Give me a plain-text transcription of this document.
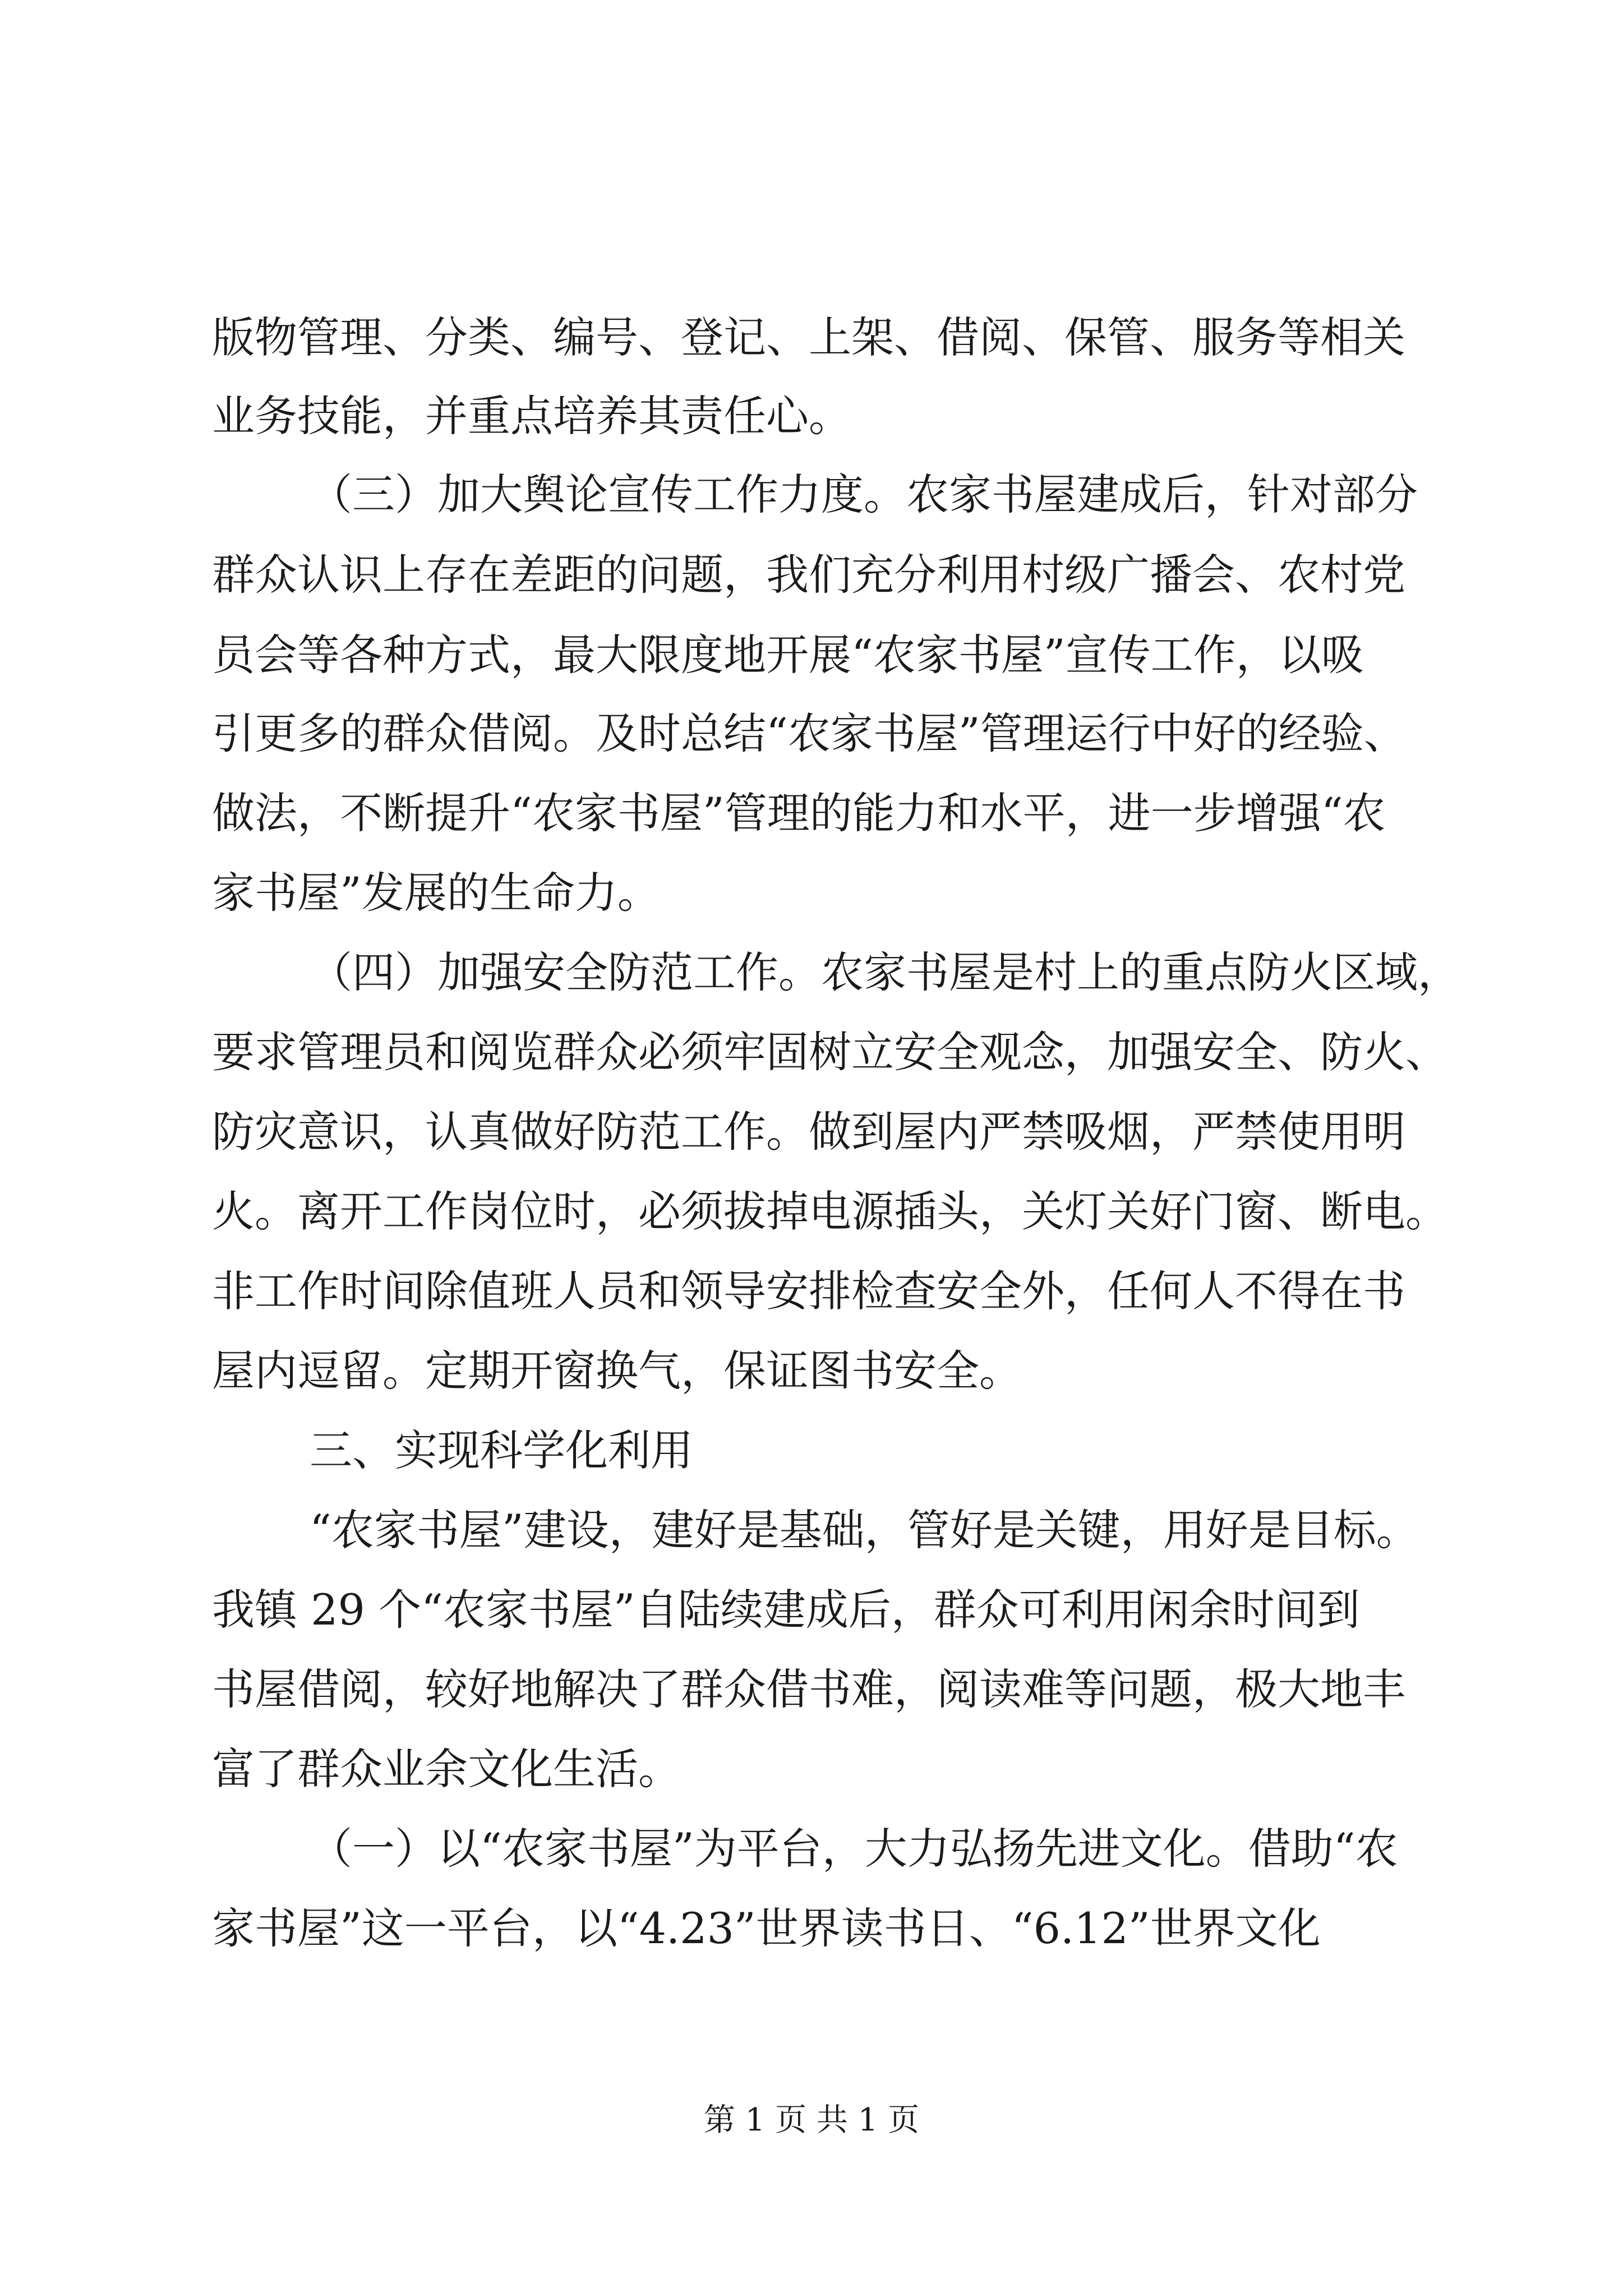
版物管理、分类、编号、登记、上架、借阅、保管、服务等相关
业务技能，并重点培养其责任心。
（三）加大舆论宣传工作力度。农家书屋建成后，针对部分
群众认识上存在差距的问题，我们充分利用村级广播会、农村党
员会等各种方式，最大限度地开展“农家书屋”宣传工作，以吸
引更多的群众借阅。及时总结“农家书屋”管理运行中好的经验、
做法，不断提升“农家书屋”管理的能力和水平，进一步增强“农
家书屋”发展的生命力。
（四）加强安全防范工作。农家书屋是村上的重点防火区域，
要求管理员和阅览群众必须牢固树立安全观念，加强安全、防火、
防灾意识，认真做好防范工作。做到屋内严禁吸烟，严禁使用明
火。离开工作岗位时，必须拔掉电源插头，关灯关好门窗、断电。
非工作时间除值班人员和领导安排检查安全外，任何人不得在书
屋内逗留。定期开窗换气，保证图书安全。
三、实现科学化利用
“农家书屋”建设，建好是基础，管好是关键，用好是目标。
我镇 29 个“农家书屋”自陆续建成后，群众可利用闲余时间到
书屋借阅，较好地解决了群众借书难，阅读难等问题，极大地丰
富了群众业余文化生活。
（一）以“农家书屋”为平台，大力弘扬先进文化。借助“农
家书屋”这一平台，以“4.23”世界读书日、“6.12”世界文化
第 1 页 共 1 页
